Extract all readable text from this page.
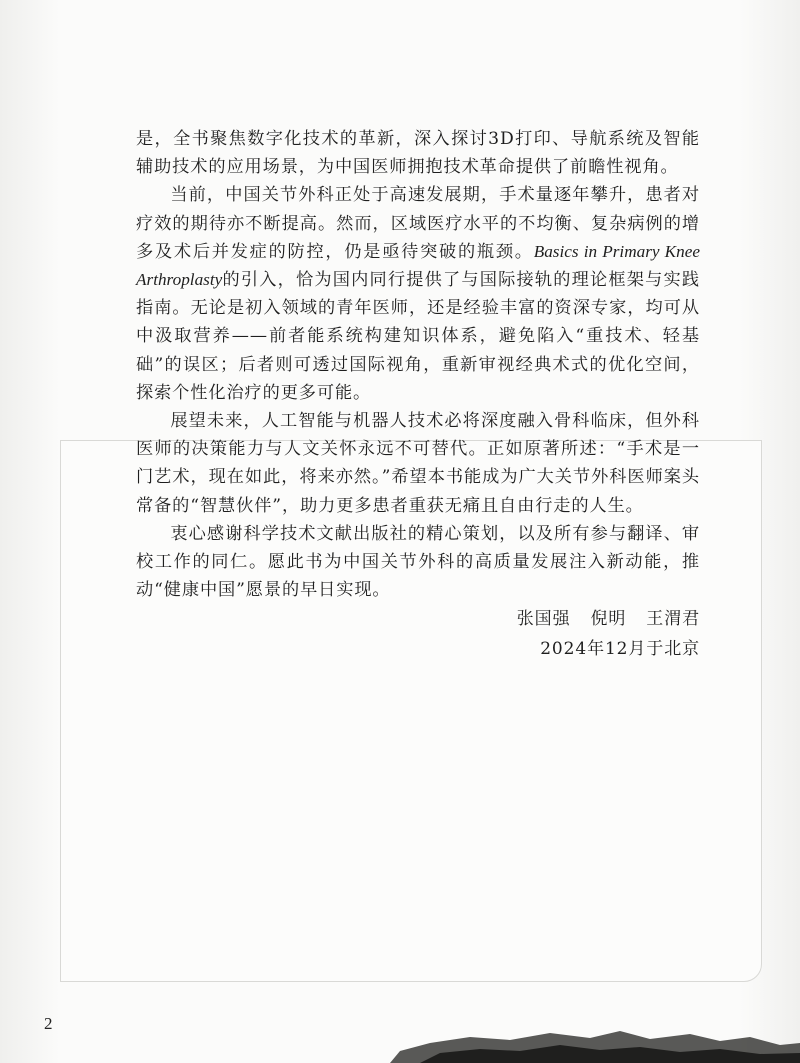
是，全书聚焦数字化技术的革新，深入探讨3D打印、导航系统及智能辅助技术的应用场景，为中国医师拥抱技术革命提供了前瞻性视角。

当前，中国关节外科正处于高速发展期，手术量逐年攀升，患者对疗效的期待亦不断提高。然而，区域医疗水平的不均衡、复杂病例的增多及术后并发症的防控，仍是亟待突破的瓶颈。Basics in Primary Knee Arthroplasty的引入，恰为国内同行提供了与国际接轨的理论框架与实践指南。无论是初入领域的青年医师，还是经验丰富的资深专家，均可从中汲取营养——前者能系统构建知识体系，避免陷入“重技术、轻基础”的误区；后者则可透过国际视角，重新审视经典术式的优化空间，探索个性化治疗的更多可能。

展望未来，人工智能与机器人技术必将深度融入骨科临床，但外科医师的决策能力与人文关怀永远不可替代。正如原著所述：“手术是一门艺术，现在如此，将来亦然。”希望本书能成为广大关节外科医师案头常备的“智慧伙伴”，助力更多患者重获无痛且自由行走的人生。

衷心感谢科学技术文献出版社的精心策划，以及所有参与翻译、审校工作的同仁。愿此书为中国关节外科的高质量发展注入新动能，推动“健康中国”愿景的早日实现。

张国强 倪明 王渭君
2024年12月于北京
2
